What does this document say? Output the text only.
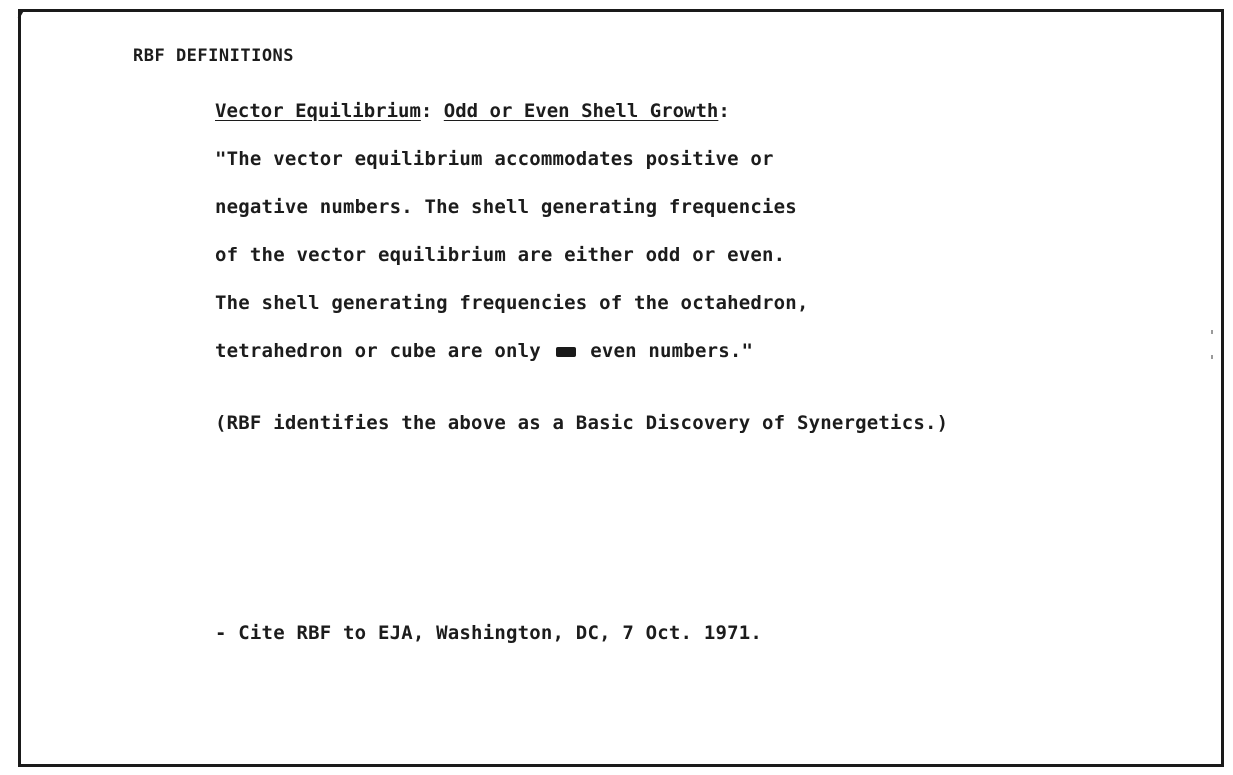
RBF DEFINITIONS
Vector Equilibrium: Odd or Even Shell Growth:
"The vector equilibrium accommodates positive or
negative numbers. The shell generating frequencies
of the vector equilibrium are either odd or even.
The shell generating frequencies of the octahedron,
tetrahedron or cube are only	even numbers."
(RBF identifies the above as a Basic Discovery of Synergetics.)
- Cite RBF to EJA, Washington, DC, 7 Oct. 1971.
